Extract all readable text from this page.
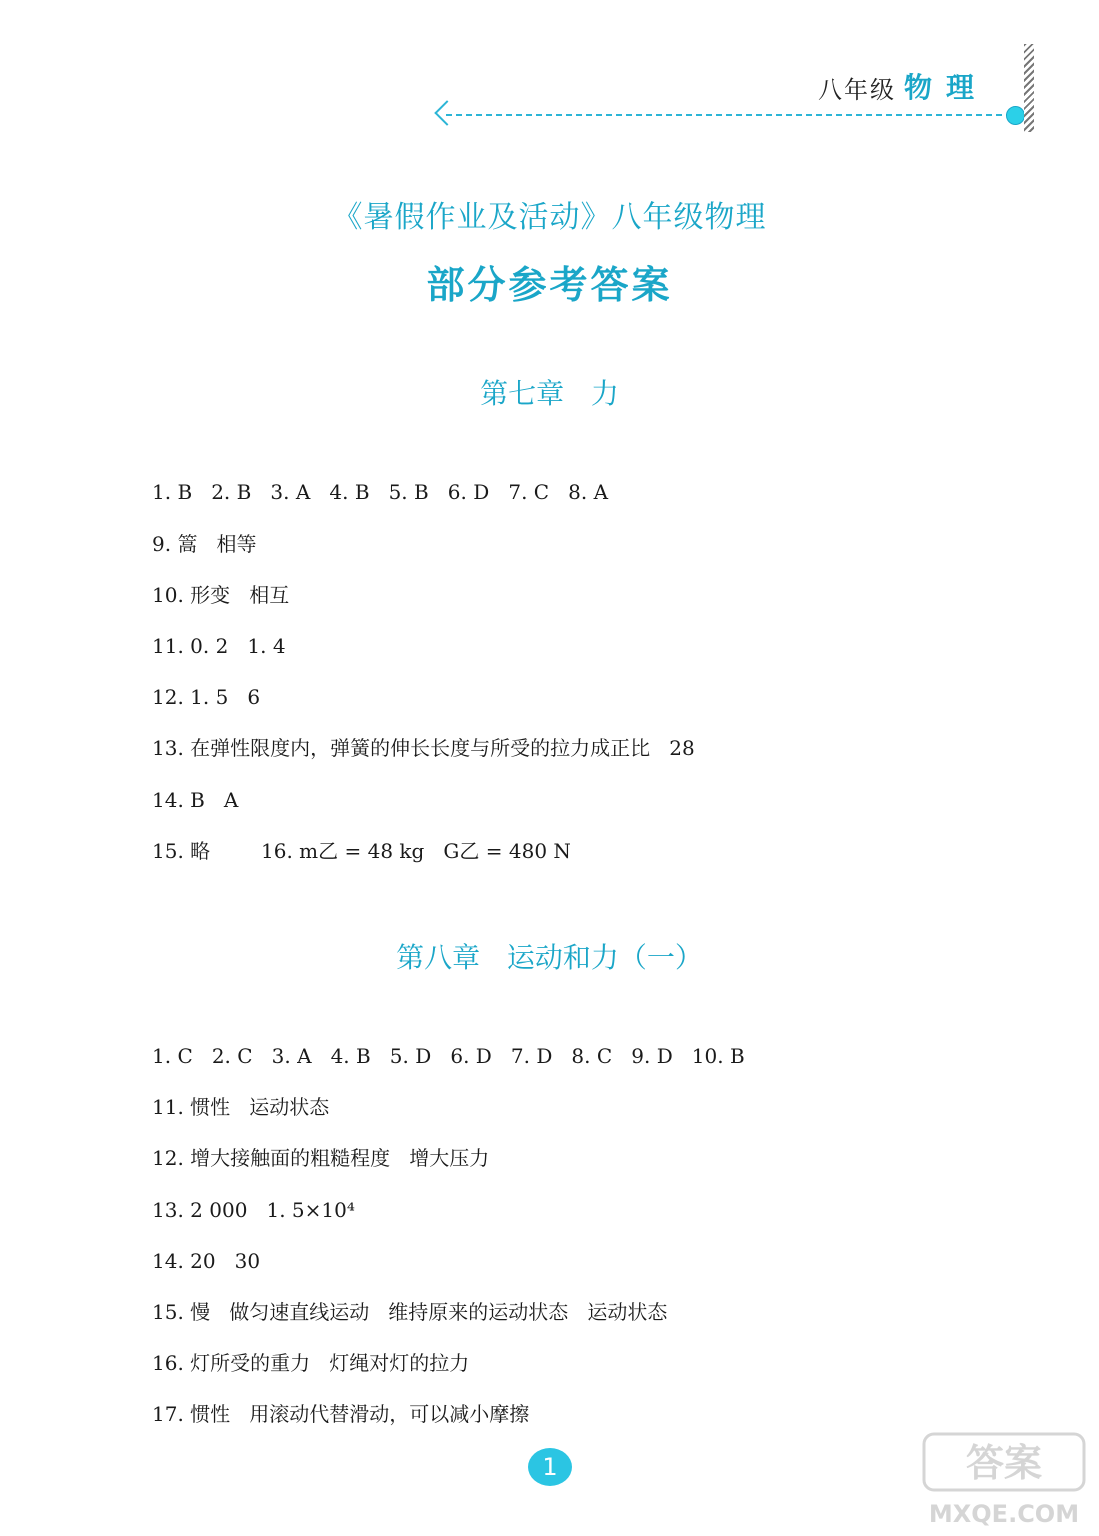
八年级 物理
《暑假作业及活动》八年级物理
部分参考答案
第七章   力
1. B   2. B   3. A   4. B   5. B   6. D   7. C   8. A
9. 篙   相等
10. 形变   相互
11. 0. 2   1. 4
12. 1. 5   6
13. 在弹性限度内，弹簧的伸长长度与所受的拉力成正比   28
14. B   A
15. 略        16. m乙 = 48 kg   G乙 = 480 N
第八章   运动和力（一）
1. C   2. C   3. A   4. B   5. D   6. D   7. D   8. C   9. D   10. B
11. 惯性   运动状态
12. 增大接触面的粗糙程度   增大压力
13. 2 000   1. 5×10⁴
14. 20   30
15. 慢   做匀速直线运动   维持原来的运动状态   运动状态
16. 灯所受的重力   灯绳对灯的拉力
17. 惯性   用滚动代替滑动，可以减小摩擦
1	答案
MXQE.COM
